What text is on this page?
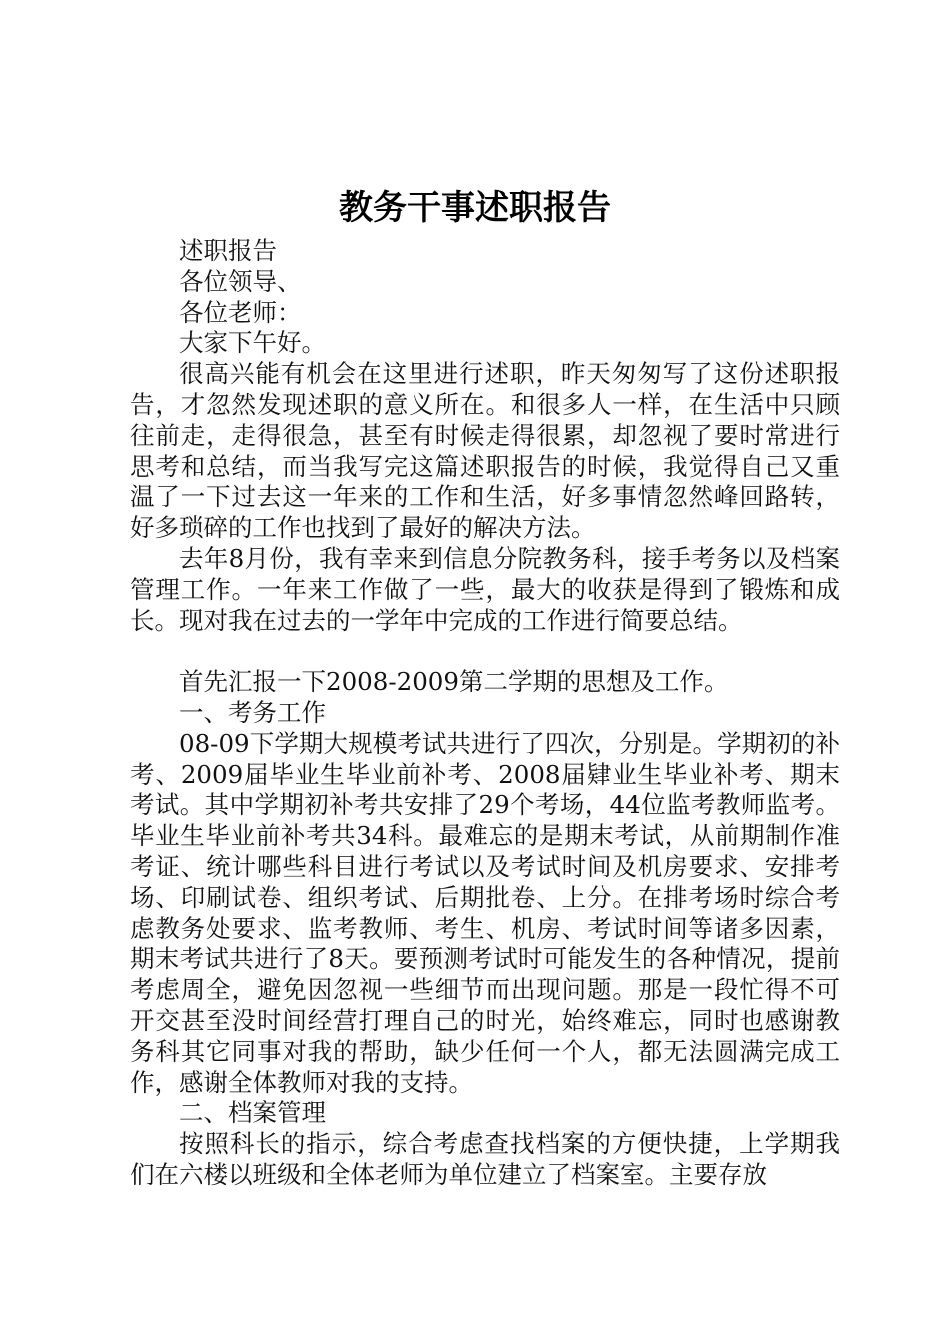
教务干事述职报告

述职报告

各位领导、

各位老师：

大家下午好。

很高兴能有机会在这里进行述职，昨天匆匆写了这份述职报告，才忽然发现述职的意义所在。和很多人一样，在生活中只顾往前走，走得很急，甚至有时候走得很累，却忽视了要时常进行思考和总结，而当我写完这篇述职报告的时候，我觉得自己又重温了一下过去这一年来的工作和生活，好多事情忽然峰回路转，好多琐碎的工作也找到了最好的解决方法。

去年8月份，我有幸来到信息分院教务科，接手考务以及档案管理工作。一年来工作做了一些，最大的收获是得到了锻炼和成长。现对我在过去的一学年中完成的工作进行简要总结。

首先汇报一下2008-2009第二学期的思想及工作。

一、考务工作

08-09下学期大规模考试共进行了四次，分别是。学期初的补考、2009届毕业生毕业前补考、2008届肄业生毕业补考、期末考试。其中学期初补考共安排了29个考场，44位监考教师监考。毕业生毕业前补考共34科。最难忘的是期末考试，从前期制作准考证、统计哪些科目进行考试以及考试时间及机房要求、安排考场、印刷试卷、组织考试、后期批卷、上分。在排考场时综合考虑教务处要求、监考教师、考生、机房、考试时间等诸多因素，期末考试共进行了8天。要预测考试时可能发生的各种情况，提前考虑周全，避免因忽视一些细节而出现问题。那是一段忙得不可开交甚至没时间经营打理自己的时光，始终难忘，同时也感谢教务科其它同事对我的帮助，缺少任何一个人，都无法圆满完成工作，感谢全体教师对我的支持。

二、档案管理

按照科长的指示，综合考虑查找档案的方便快捷，上学期我们在六楼以班级和全体老师为单位建立了档案室。主要存放
